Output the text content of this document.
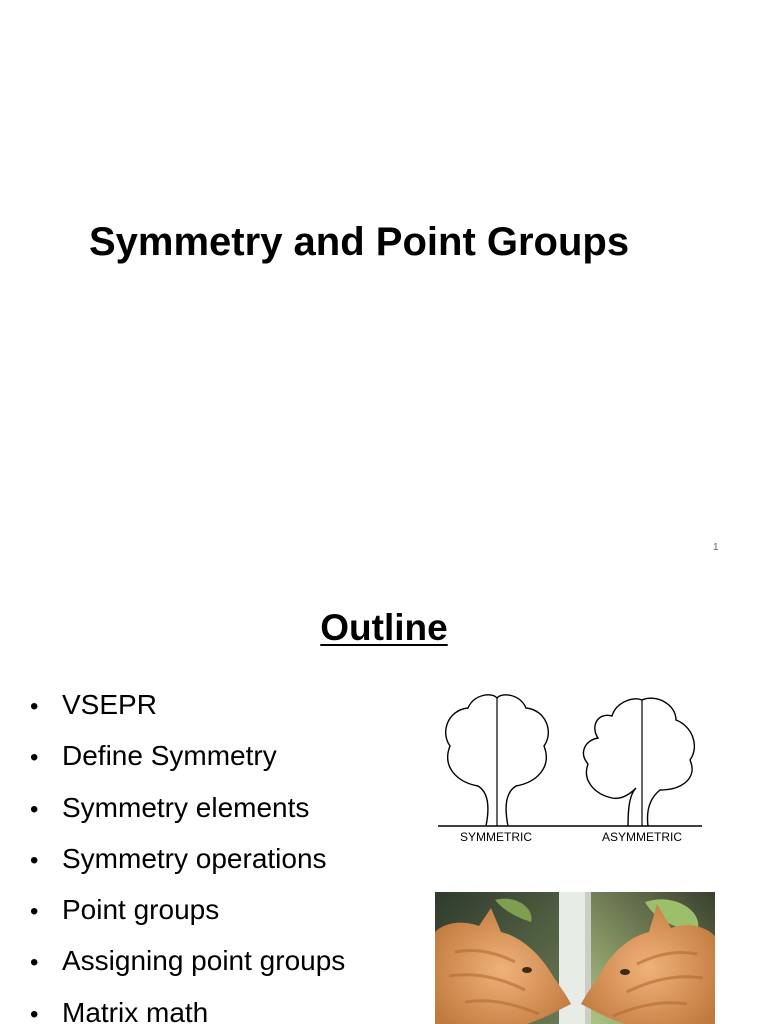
Symmetry and Point Groups
1
Outline
• VSEPR
• Define Symmetry
• Symmetry elements
• Symmetry operations
• Point groups
• Assigning point groups
• Matrix math
SYMMETRIC	ASYMMETRIC
